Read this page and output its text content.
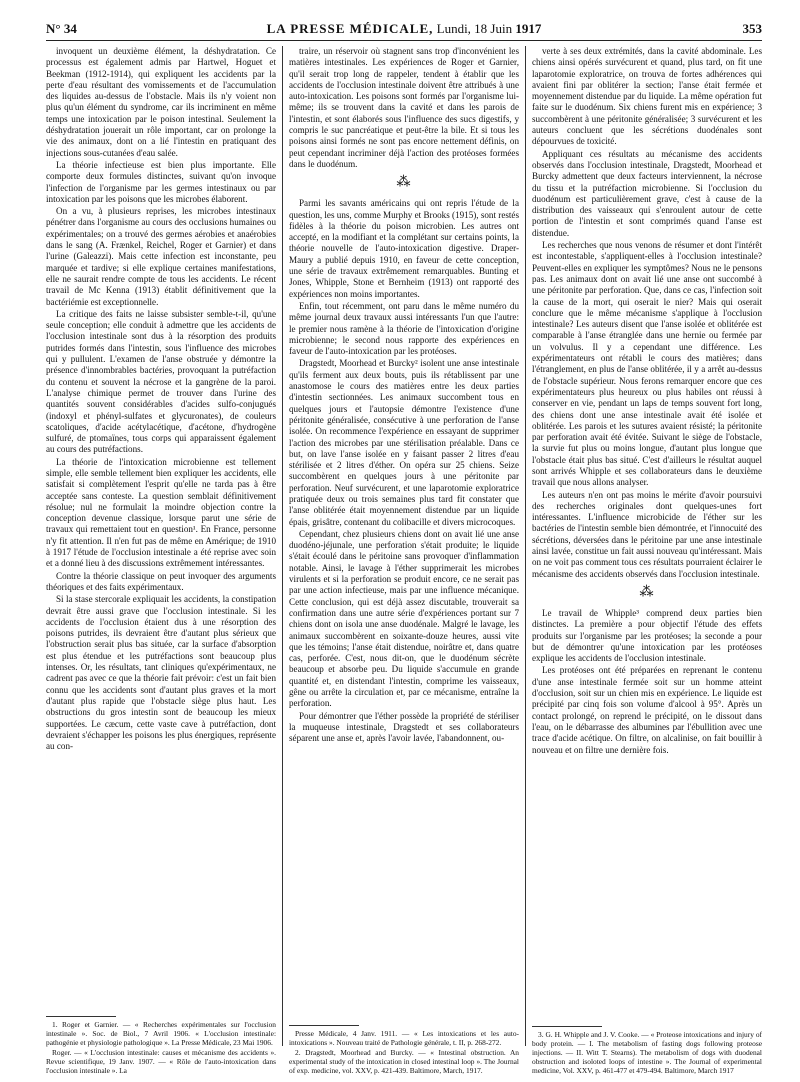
N° 34	LA PRESSE MÉDICALE, Lundi, 18 Juin 1917	353

invoquent un deuxième élément, la déshydratation. Ce processus est également admis par Hartwel, Hoguet et Beekman (1912-1914), qui expliquent les accidents par la perte d'eau résultant des vomissements et de l'accumulation des liquides au-dessus de l'obstacle. Mais ils n'y voient non plus qu'un élément du syndrome, car ils incriminent en même temps une intoxication par le poison intestinal. Seulement la déshydratation jouerait un rôle important, car on prolonge la vie des animaux, dont on a lié l'intestin en pratiquant des injections sous-cutanées d'eau salée.

La théorie infectieuse est bien plus importante. Elle comporte deux formules distinctes, suivant qu'on invoque l'infection de l'organisme par les germes intestinaux ou par intoxication par les poisons que les microbes élaborent.

On a vu, à plusieurs reprises, les microbes intestinaux pénétrer dans l'organisme au cours des occlusions humaines ou expérimentales; on a trouvé des germes aérobies et anaérobies dans le sang (A. Frænkel, Reichel, Roger et Garnier) et dans l'urine (Galeazzi). Mais cette infection est inconstante, peu marquée et tardive; si elle explique certaines manifestations, elle ne saurait rendre compte de tous les accidents. Le récent travail de Mc Kenna (1913) établit définitivement que la bactériémie est exceptionnelle.

La critique des faits ne laisse subsister semble-t-il, qu'une seule conception; elle conduit à admettre que les accidents de l'occlusion intestinale sont dus à la résorption des produits putrides formés dans l'intestin, sous l'influence des microbes qui y pullulent. L'examen de l'anse obstruée y démontre la présence d'innombrables bactéries, provoquant la putréfaction du contenu et souvent la nécrose et la gangrène de la paroi. L'analyse chimique permet de trouver dans l'urine des quantités souvent considérables d'acides sulfo-conjugués (indoxyl et phényl-sulfates et glycuronates), de couleurs scatoliques, d'acide acétylacétique, d'acétone, d'hydrogène sulfuré, de ptomaïnes, tous corps qui apparaissent également au cours des putréfactions.

La théorie de l'intoxication microbienne est tellement simple, elle semble tellement bien expliquer les accidents, elle satisfait si complètement l'esprit qu'elle ne tarda pas à être acceptée sans conteste. La question semblait définitivement résolue; nul ne formulait la moindre objection contre la conception devenue classique, lorsque parut une série de travaux qui remettaient tout en question¹. En France, personne n'y fit attention. Il n'en fut pas de même en Amérique; de 1910 à 1917 l'étude de l'occlusion intestinale a été reprise avec soin et a donné lieu à des discussions extrêmement intéressantes.

Contre la théorie classique on peut invoquer des arguments théoriques et des faits expérimentaux.

Si la stase stercorale expliquait les accidents, la constipation devrait être aussi grave que l'occlusion intestinale. Si les accidents de l'occlusion étaient dus à une résorption des poisons putrides, ils devraient être d'autant plus sérieux que l'obstruction serait plus bas située, car la surface d'absorption est plus étendue et les putréfactions sont beaucoup plus intenses. Or, les résultats, tant cliniques qu'expérimentaux, ne cadrent pas avec ce que la théorie fait prévoir: c'est un fait bien connu que les accidents sont d'autant plus graves et la mort d'autant plus rapide que l'obstacle siège plus haut. Les obstructions du gros intestin sont de beaucoup les mieux supportées. Le cæcum, cette vaste cave à putréfaction, dont devraient s'échapper les poisons les plus énergiques, représente au con-

traire, un réservoir où stagnent sans trop d'inconvénient les matières intestinales. Les expériences de Roger et Garnier, qu'il serait trop long de rappeler, tendent à établir que les accidents de l'occlusion intestinale doivent être attribués à une auto-intoxication. Les poisons sont formés par l'organisme lui-même; ils se trouvent dans la cavité et dans les parois de l'intestin, et sont élaborés sous l'influence des sucs digestifs, y compris le suc pancréatique et peut-être la bile. Et si tous les poisons ainsi formés ne sont pas encore nettement définis, on peut cependant incriminer déjà l'action des protéoses formées dans le duodénum.

⁂

Parmi les savants américains qui ont repris l'étude de la question, les uns, comme Murphy et Brooks (1915), sont restés fidèles à la théorie du poison microbien. Les autres ont accepté, en la modifiant et la complétant sur certains points, la théorie nouvelle de l'auto-intoxication digestive. Draper-Maury a publié depuis 1910, en faveur de cette conception, une série de travaux extrêmement remarquables. Bunting et Jones, Whipple, Stone et Bernheim (1913) ont rapporté des expériences non moins importantes.

Enfin, tout récemment, ont paru dans le même numéro du même journal deux travaux aussi intéressants l'un que l'autre: le premier nous ramène à la théorie de l'intoxication d'origine microbienne; le second nous rapporte des expériences en faveur de l'auto-intoxication par les protéoses.

Dragstedt, Moorhead et Burcky² isolent une anse intestinale qu'ils ferment aux deux bouts, puis ils rétablissent par une anastomose le cours des matières entre les deux parties d'intestin sectionnées. Les animaux succombent tous en quelques jours et l'autopsie démontre l'existence d'une péritonite généralisée, consécutive à une perforation de l'anse isolée. On recommence l'expérience en essayant de supprimer l'action des microbes par une stérilisation préalable. Dans ce but, on lave l'anse isolée en y faisant passer 2 litres d'eau stérilisée et 2 litres d'éther. On opéra sur 25 chiens. Seize succombèrent en quelques jours à une péritonite par perforation. Neuf survécurent, et une laparotomie exploratrice pratiquée deux ou trois semaines plus tard fit constater que l'anse oblitérée était moyennement distendue par un liquide épais, grisâtre, contenant du colibacille et divers microcoques.

Cependant, chez plusieurs chiens dont on avait lié une anse duodéno-jéjunale, une perforation s'était produite; le liquide s'était écoulé dans le péritoine sans provoquer d'inflammation notable. Ainsi, le lavage à l'éther supprimerait les microbes virulents et si la perforation se produit encore, ce ne serait pas par une action infectieuse, mais par une influence mécanique. Cette conclusion, qui est déjà assez discutable, trouverait sa confirmation dans une autre série d'expériences portant sur 7 chiens dont on isola une anse duodénale. Malgré le lavage, les animaux succombèrent en soixante-douze heures, aussi vite que les témoins; l'anse était distendue, noirâtre et, dans quatre cas, perforée. C'est, nous dit-on, que le duodénum sécrète beaucoup et absorbe peu. Du liquide s'accumule en grande quantité et, en distendant l'intestin, comprime les vaisseaux, gêne ou arrête la circulation et, par ce mécanisme, entraîne la perforation.

Pour démontrer que l'éther possède la propriété de stériliser la muqueuse intestinale, Dragstedt et ses collaborateurs séparent une anse et, après l'avoir lavée, l'abandonnent, ou-

verte à ses deux extrémités, dans la cavité abdominale. Les chiens ainsi opérés survécurent et quand, plus tard, on fit une laparotomie exploratrice, on trouva de fortes adhérences qui avaient fini par oblitérer la section; l'anse était fermée et moyennement distendue par du liquide. La même opération fut faite sur le duodénum. Six chiens furent mis en expérience; 3 succombèrent à une péritonite généralisée; 3 survécurent et les auteurs concluent que les sécrétions duodénales sont dépourvues de toxicité.

Appliquant ces résultats au mécanisme des accidents observés dans l'occlusion intestinale, Dragstedt, Moorhead et Burcky admettent que deux facteurs interviennent, la nécrose du tissu et la putréfaction microbienne. Si l'occlusion du duodénum est particulièrement grave, c'est à cause de la distribution des vaisseaux qui s'enroulent autour de cette portion de l'intestin et sont comprimés quand l'anse est distendue.

Les recherches que nous venons de résumer et dont l'intérêt est incontestable, s'appliquent-elles à l'occlusion intestinale? Peuvent-elles en expliquer les symptômes? Nous ne le pensons pas. Les animaux dont on avait lié une anse ont succombé à une péritonite par perforation. Que, dans ce cas, l'infection soit la cause de la mort, qui oserait le nier? Mais qui oserait conclure que le même mécanisme s'applique à l'occlusion intestinale? Les auteurs disent que l'anse isolée et oblitérée est comparable à l'anse étranglée dans une hernie ou fermée par un volvulus. Il y a cependant une différence. Les expérimentateurs ont rétabli le cours des matières; dans l'étranglement, en plus de l'anse oblitérée, il y a arrêt au-dessus de l'obstacle supérieur. Nous ferons remarquer encore que ces expérimentateurs plus heureux ou plus habiles ont réussi à conserver en vie, pendant un laps de temps souvent fort long, des chiens dont une anse intestinale avait été isolée et oblitérée. Les parois et les sutures avaient résisté; la péritonite par perforation avait été évitée. Suivant le siège de l'obstacle, la survie fut plus ou moins longue, d'autant plus longue que l'obstacle était plus bas situé. C'est d'ailleurs le résultat auquel sont arrivés Whipple et ses collaborateurs dans le deuxième travail que nous allons analyser.

Les auteurs n'en ont pas moins le mérite d'avoir poursuivi des recherches originales dont quelques-unes fort intéressantes. L'influence microbicide de l'éther sur les bactéries de l'intestin semble bien démontrée, et l'innocuité des sécrétions, déversées dans le péritoine par une anse intestinale ainsi lavée, constitue un fait aussi nouveau qu'intéressant. Mais on ne voit pas comment tous ces résultats pourraient éclairer le mécanisme des accidents observés dans l'occlusion intestinale.

⁂

Le travail de Whipple³ comprend deux parties bien distinctes. La première a pour objectif l'étude des effets produits sur l'organisme par les protéoses; la seconde a pour but de démontrer qu'une intoxication par les protéoses explique les accidents de l'occlusion intestinale.

Les protéoses ont été préparées en reprenant le contenu d'une anse intestinale fermée soit sur un homme atteint d'occlusion, soit sur un chien mis en expérience. Le liquide est précipité par cinq fois son volume d'alcool à 95°. Après un contact prolongé, on reprend le précipité, on le dissout dans l'eau, on le débarrasse des albumines par l'ébullition avec une trace d'acide acétique. On filtre, on alcalinise, on fait bouillir à nouveau et on filtre une dernière fois.

1. Roger et Garnier. — « Recherches expérimentales sur l'occlusion intestinale ». Soc. de Biol., 7 Avril 1906. « L'occlusion intestinale: pathogénie et physiologie pathologique ». La Presse Médicale, 23 Mai 1906.

Roger. — « L'occlusion intestinale: causes et mécanisme des accidents ». Revue scientifique, 19 Janv. 1907. — « Rôle de l'auto-intoxication dans l'occlusion intestinale ». La

Presse Médicale, 4 Janv. 1911. — « Les intoxications et les auto-intoxications ». Nouveau traité de Pathologie générale, t. II, p. 268-272.

2. Dragstedt, Moorhead and Burcky. — « Intestinal obstruction. An experimental study of the intoxication in closed intestinal loop ». The Journal of exp. medicine, vol. XXV, p. 421-439. Baltimore, March, 1917.

3. G. H. Whipple and J. V. Cooke. — « Proteose intoxications and injury of body protein. — I. The metabolism of fasting dogs following proteose injections. — II. Witt T. Stearns). The metabolism of dogs with duodenal obstruction and isoloted loops of intestine ». The Journal of experimental medicine, Vol. XXV, p. 461-477 et 479-494. Baltimore, March 1917
